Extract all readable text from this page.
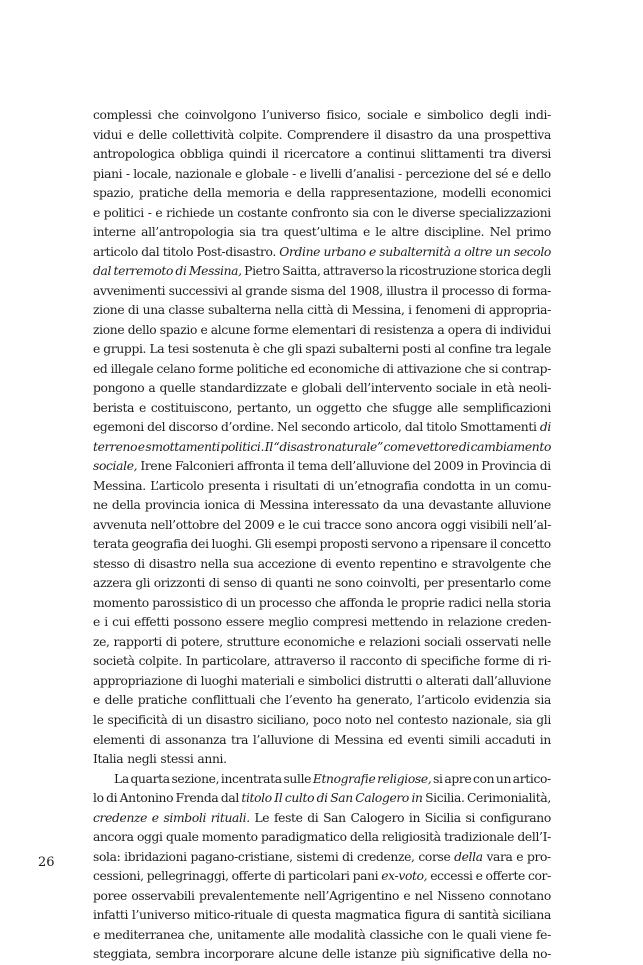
complessi che coinvolgono l’universo fisico, sociale e simbolico degli indi-
vidui e delle collettività colpite. Comprendere il disastro da una prospettiva
antropologica obbliga quindi il ricercatore a continui slittamenti tra diversi
piani - locale, nazionale e globale - e livelli d’analisi - percezione del sé e dello
spazio, pratiche della memoria e della rappresentazione, modelli economici
e politici - e richiede un costante confronto sia con le diverse specializzazioni
interne all’antropologia sia tra quest’ultima e le altre discipline. Nel primo
articolo dal titolo Post-disastro. Ordine urbano e subalternità a oltre un secolo
dal terremoto di Messina, Pietro Saitta, attraverso la ricostruzione storica degli
avvenimenti successivi al grande sisma del 1908, illustra il processo di forma-
zione di una classe subalterna nella città di Messina, i fenomeni di appropria-
zione dello spazio e alcune forme elementari di resistenza a opera di individui
e gruppi. La tesi sostenuta è che gli spazi subalterni posti al confine tra legale
ed illegale celano forme politiche ed economiche di attivazione che si contrap-
pongono a quelle standardizzate e globali dell’intervento sociale in età neoli-
berista e costituiscono, pertanto, un oggetto che sfugge alle semplificazioni
egemoni del discorso d’ordine. Nel secondo articolo, dal titolo Smottamenti di
terreno e smottamenti politici. Il “disastro naturale” come vettore di cambiamento
sociale, Irene Falconieri affronta il tema dell’alluvione del 2009 in Provincia di
Messina. L’articolo presenta i risultati di un’etnografia condotta in un comu-
ne della provincia ionica di Messina interessato da una devastante alluvione
avvenuta nell’ottobre del 2009 e le cui tracce sono ancora oggi visibili nell’al-
terata geografia dei luoghi. Gli esempi proposti servono a ripensare il concetto
stesso di disastro nella sua accezione di evento repentino e stravolgente che
azzera gli orizzonti di senso di quanti ne sono coinvolti, per presentarlo come
momento parossistico di un processo che affonda le proprie radici nella storia
e i cui effetti possono essere meglio compresi mettendo in relazione creden-
ze, rapporti di potere, strutture economiche e relazioni sociali osservati nelle
società colpite. In particolare, attraverso il racconto di specifiche forme di ri-
appropriazione di luoghi materiali e simbolici distrutti o alterati dall’alluvione
e delle pratiche conflittuali che l’evento ha generato, l’articolo evidenzia sia
le specificità di un disastro siciliano, poco noto nel contesto nazionale, sia gli
elementi di assonanza tra l’alluvione di Messina ed eventi simili accaduti in
Italia negli stessi anni.
La quarta sezione, incentrata sulle Etnografie religiose, si apre con un artico-
lo di Antonino Frenda dal titolo Il culto di San Calogero in Sicilia. Cerimonialità,
credenze e simboli rituali. Le feste di San Calogero in Sicilia si configurano
ancora oggi quale momento paradigmatico della religiosità tradizionale dell’I-
sola: ibridazioni pagano-cristiane, sistemi di credenze, corse della vara e pro-
cessioni, pellegrinaggi, offerte di particolari pani ex-voto, eccessi e offerte cor-
poree osservabili prevalentemente nell’Agrigentino e nel Nisseno connotano
infatti l’universo mitico-rituale di questa magmatica figura di santità siciliana
e mediterranea che, unitamente alle modalità classiche con le quali viene fe-
steggiata, sembra incorporare alcune delle istanze più significative della no-
26
